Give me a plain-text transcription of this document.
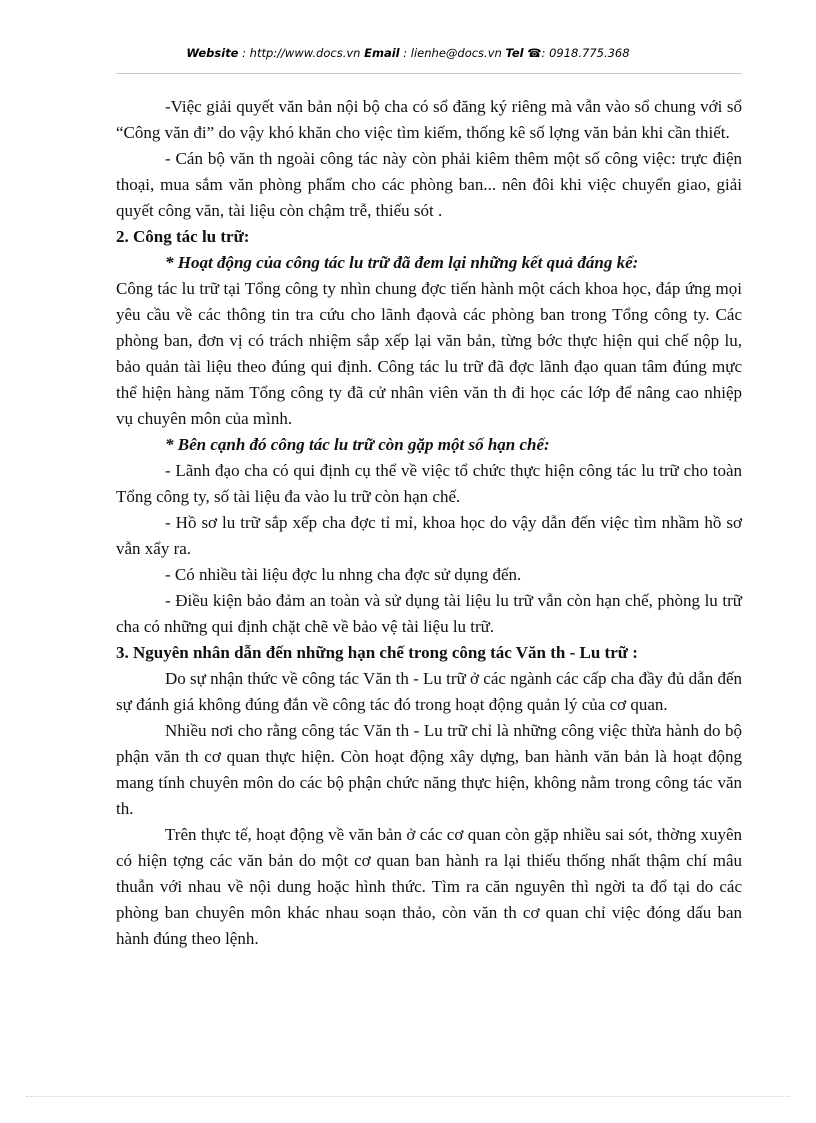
Website : http://www.docs.vn Email : lienhe@docs.vn Tel ☎: 0918.775.368

-Việc giải quyết văn bản nội bộ cha có sổ đăng ký riêng mà vẫn vào sổ chung với sổ “Công văn đi” do vậy khó khăn cho việc tìm kiếm, thống kê số lợng văn bản khi cần thiết.

- Cán bộ văn th ngoài công tác này còn phải kiêm thêm một số công việc: trực điện thoại, mua sắm văn phòng phẩm cho các phòng ban... nên đôi khi việc chuyển giao, giải quyết công văn, tài liệu còn chậm trễ, thiếu sót .

2. Công tác lu trữ:

* Hoạt động của công tác lu trữ đã đem lại những kết quả đáng kể:

Công tác lu trữ tại Tổng công ty nhìn chung đợc tiến hành một cách khoa học, đáp ứng mọi yêu cầu về các thông tin tra cứu cho lãnh đạovà các phòng ban trong Tổng công ty. Các phòng ban, đơn vị có trách nhiệm sắp xếp lại văn bản, từng bớc thực hiện qui chế nộp lu, bảo quản tài liệu theo đúng qui định. Công tác lu trữ đã đợc lãnh đạo quan tâm đúng mực thể hiện hàng năm Tổng công ty đã cử nhân viên văn th đi học các lớp để nâng cao nhiệp vụ chuyên môn của mình.

* Bên cạnh đó công tác lu trữ còn gặp một số hạn chế:

- Lãnh đạo cha có qui định cụ thể về việc tổ chức thực hiện công tác lu trữ cho toàn Tổng công ty, số tài liệu đa vào lu trữ còn hạn chế.

- Hồ sơ lu trữ sắp xếp cha đợc tỉ mỉ, khoa học do vậy dẫn đến việc tìm nhầm hồ sơ vẫn xẩy ra.

- Có nhiều tài liệu đợc lu nhng cha đợc sử dụng đến.

- Điều kiện bảo đảm an toàn và sử dụng tài liệu lu trữ vẫn còn hạn chế, phòng lu trữ cha có những qui định chặt chẽ về bảo vệ tài liệu lu trữ.

3. Nguyên nhân dẫn đến những hạn chế trong công tác Văn th - Lu trữ :

Do sự nhận thức về công tác Văn th - Lu trữ ở các ngành các cấp cha đầy đủ dẫn đến sự đánh giá không đúng đắn về công tác đó trong hoạt động quản lý của cơ quan.

Nhiều nơi cho rằng công tác Văn th - Lu trữ chỉ là những công việc thừa hành do bộ phận văn th cơ quan thực hiện. Còn hoạt động xây dựng, ban hành văn bản là hoạt động mang tính chuyên môn do các bộ phận chức năng thực hiện, không nằm trong công tác văn th.

Trên thực tế, hoạt động về văn bản ở các cơ quan còn gặp nhiều sai sót, thờng xuyên có hiện tợng các văn bản do một cơ quan ban hành ra lại thiếu thống nhất thậm chí mâu thuẫn với nhau về nội dung hoặc hình thức. Tìm ra căn nguyên thì ngời ta đổ tại do các phòng ban chuyên môn khác nhau soạn thảo, còn văn th cơ quan chỉ việc đóng dấu ban hành đúng theo lệnh.
